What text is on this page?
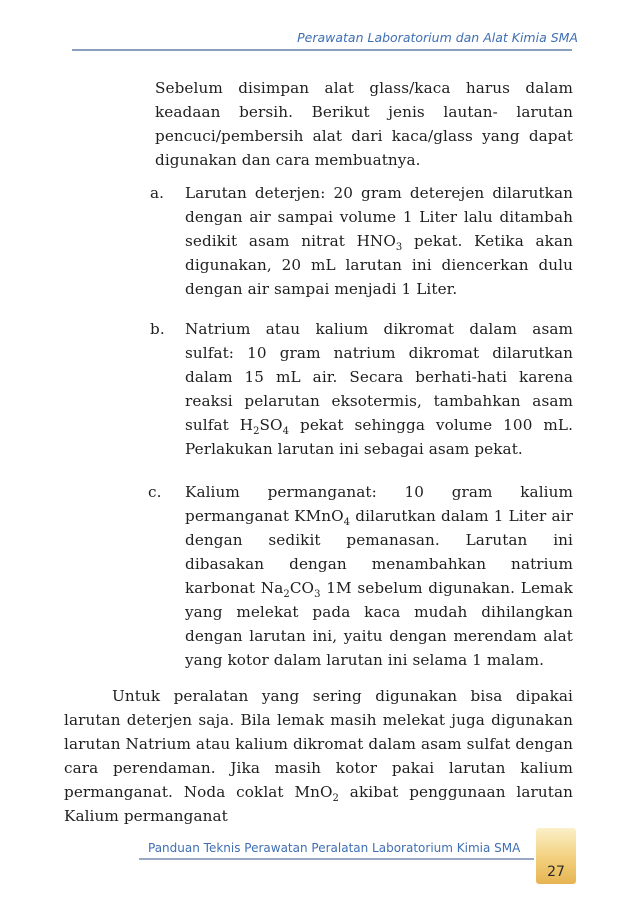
Perawatan Laboratorium dan Alat Kimia SMA

Sebelum disimpan alat glass/kaca harus dalam keadaan bersih. Berikut jenis lautan- larutan pencuci/pembersih alat dari kaca/glass yang dapat digunakan dan cara membuatnya.

a. Larutan deterjen: 20 gram deterejen dilarutkan dengan air sampai volume 1 Liter lalu ditambah sedikit asam nitrat $HNO_3$ pekat. Ketika akan digunakan, 20 mL larutan ini diencerkan dulu dengan air sampai menjadi 1 Liter.
b. Natrium atau kalium dikromat dalam asam sulfat: 10 gram natrium dikromat dilarutkan dalam 15 mL air. Secara berhati-hati karena reaksi pelarutan eksotermis, tambahkan asam sulfat $H_2SO_4$ pekat sehingga volume 100 mL. Perlakukan larutan ini sebagai asam pekat.
c. Kalium permanganat: 10 gram kalium permanganat KMnO$_4$ dilarutkan dalam 1 Liter air dengan sedikit pemanasan. Larutan ini dibasakan dengan menambahkan natrium karbonat $Na_2CO_3$ 1M sebelum digunakan. Lemak yang melekat pada kaca mudah dihilangkan dengan larutan ini, yaitu dengan merendam alat yang kotor dalam larutan ini selama 1 malam.
Untuk peralatan yang sering digunakan bisa dipakai larutan deterjen saja. Bila lemak masih melekat juga digunakan larutan Natrium atau kalium dikromat dalam asam sulfat dengan cara perendaman. Jika masih kotor pakai larutan kalium permanganat. Noda coklat MnO$_2$ akibat penggunaan larutan Kalium permanganat
Panduan Teknis Perawatan Peralatan Laboratorium Kimia SMA
27
